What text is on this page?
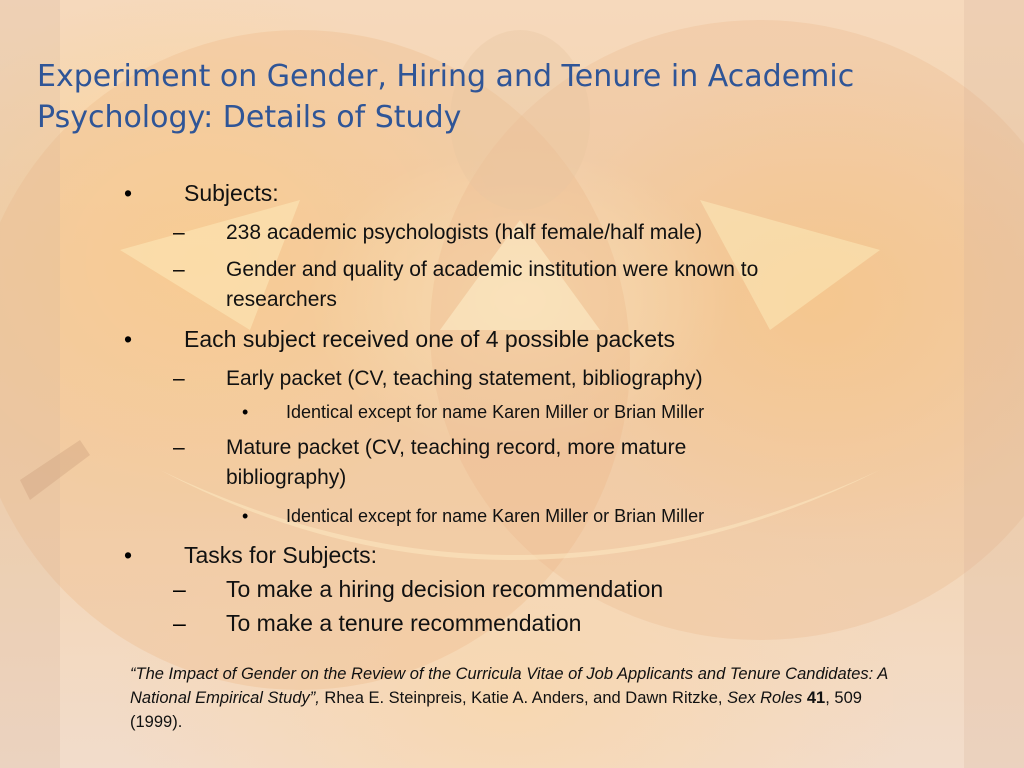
Experiment on Gender, Hiring and Tenure in Academic Psychology: Details of Study
• Subjects:
– 238 academic psychologists (half female/half male)
– Gender and quality of academic institution were known to
researchers
• Each subject received one of 4 possible packets
– Early packet (CV, teaching statement, bibliography)
• Identical except for name Karen Miller or Brian Miller
– Mature packet (CV, teaching record, more mature
bibliography)
• Identical except for name Karen Miller or Brian Miller
• Tasks for Subjects:
– To make a hiring decision recommendation
– To make a tenure recommendation
“The Impact of Gender on the Review of the Curricula Vitae of Job Applicants and Tenure Candidates: A National Empirical Study”, Rhea E. Steinpreis, Katie A. Anders, and Dawn Ritzke, Sex Roles 41, 509 (1999).
